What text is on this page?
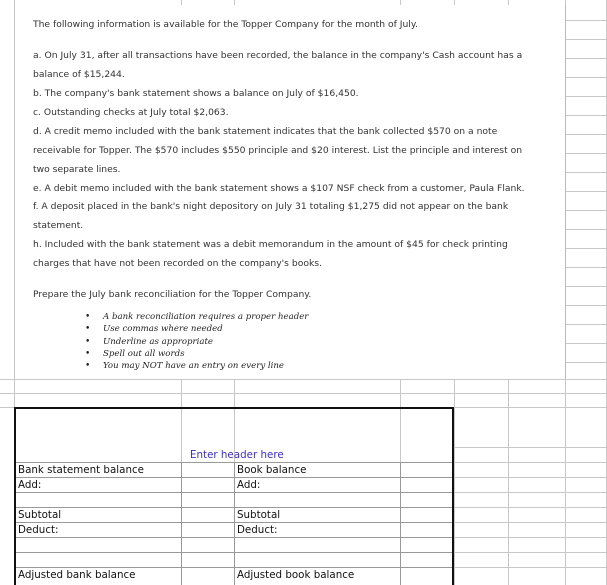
The following information is available for the Topper Company for the month of July.
a. On July 31, after all transactions have been recorded, the balance in the company's Cash account has a
balance of $15,244.
b. The company's bank statement shows a balance on July of $16,450.
c. Outstanding checks at July total $2,063.
d. A credit memo included with the bank statement indicates that the bank collected $570 on a note
receivable for Topper. The $570 includes $550 principle and $20 interest. List the principle and interest on
two separate lines.
e. A debit memo included with the bank statement shows a $107 NSF check from a customer, Paula Flank.
f. A deposit placed in the bank's night depository on July 31 totaling $1,275 did not appear on the bank
statement.
h. Included with the bank statement was a debit memorandum in the amount of $45 for check printing
charges that have not been recorded on the company's books.
Prepare the July bank reconciliation for the Topper Company.
• A bank reconciliation requires a proper header
• Use commas where needed
• Underline as appropriate
• Spell out all words
• You may NOT have an entry on every line
Enter header here
Bank statement balance
Add:
Subtotal
Deduct:
Adjusted bank balance
Book balance
Add:
Subtotal
Deduct:
Adjusted book balance
